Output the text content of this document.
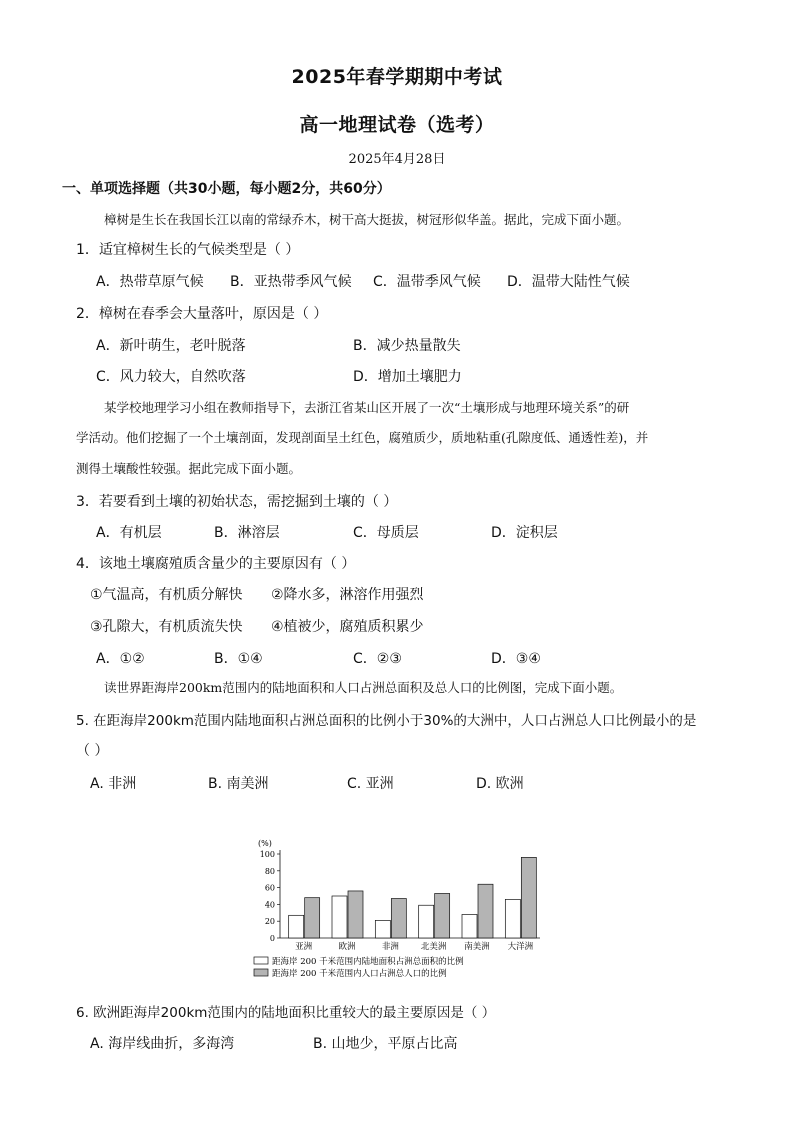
2025年春学期期中考试
高一地理试卷（选考）
2025年4月28日
一、单项选择题（共30小题，每小题2分，共60分）
樟树是生长在我国长江以南的常绿乔木，树干高大挺拔，树冠形似华盖。据此，完成下面小题。
1．适宜樟树生长的气候类型是（ ）
A．热带草原气候 B．亚热带季风气候 C．温带季风气候 D．温带大陆性气候
2．樟树在春季会大量落叶，原因是（ ）
A．新叶萌生，老叶脱落	B．减少热量散失
C．风力较大，自然吹落	D．增加土壤肥力
某学校地理学习小组在教师指导下，去浙江省某山区开展了一次“土壤形成与地理环境关系”的研
学活动。他们挖掘了一个土壤剖面，发现剖面呈土红色，腐殖质少，质地粘重(孔隙度低、通透性差)，并
测得土壤酸性较强。据此完成下面小题。
3．若要看到土壤的初始状态，需挖掘到土壤的（ ）
A．有机层	B．淋溶层	C．母质层	D．淀积层
4．该地土壤腐殖质含量少的主要原因有（ ）
①气温高，有机质分解快 ②降水多，淋溶作用强烈
③孔隙大，有机质流失快 ④植被少，腐殖质积累少
A．①②	B．①④	C．②③	D．③④
读世界距海岸200km范围内的陆地面积和人口占洲总面积及总人口的比例图，完成下面小题。
5. 在距海岸200km范围内陆地面积占洲总面积的比例小于30%的大洲中，人口占洲总人口比例最小的是
（ ）
A. 非洲	B. 南美洲	C. 亚洲	D. 欧洲
(%)
0
20
40
60
80
100
亚洲	欧洲	非洲	北美洲 南美洲 大洋洲
距海岸 200 千米范围内陆地面积占洲总面积的比例
距海岸 200 千米范围内人口占洲总人口的比例
6. 欧洲距海岸200km范围内的陆地面积比重较大的最主要原因是（ ）
A. 海岸线曲折，多海湾	B. 山地少，平原占比高
